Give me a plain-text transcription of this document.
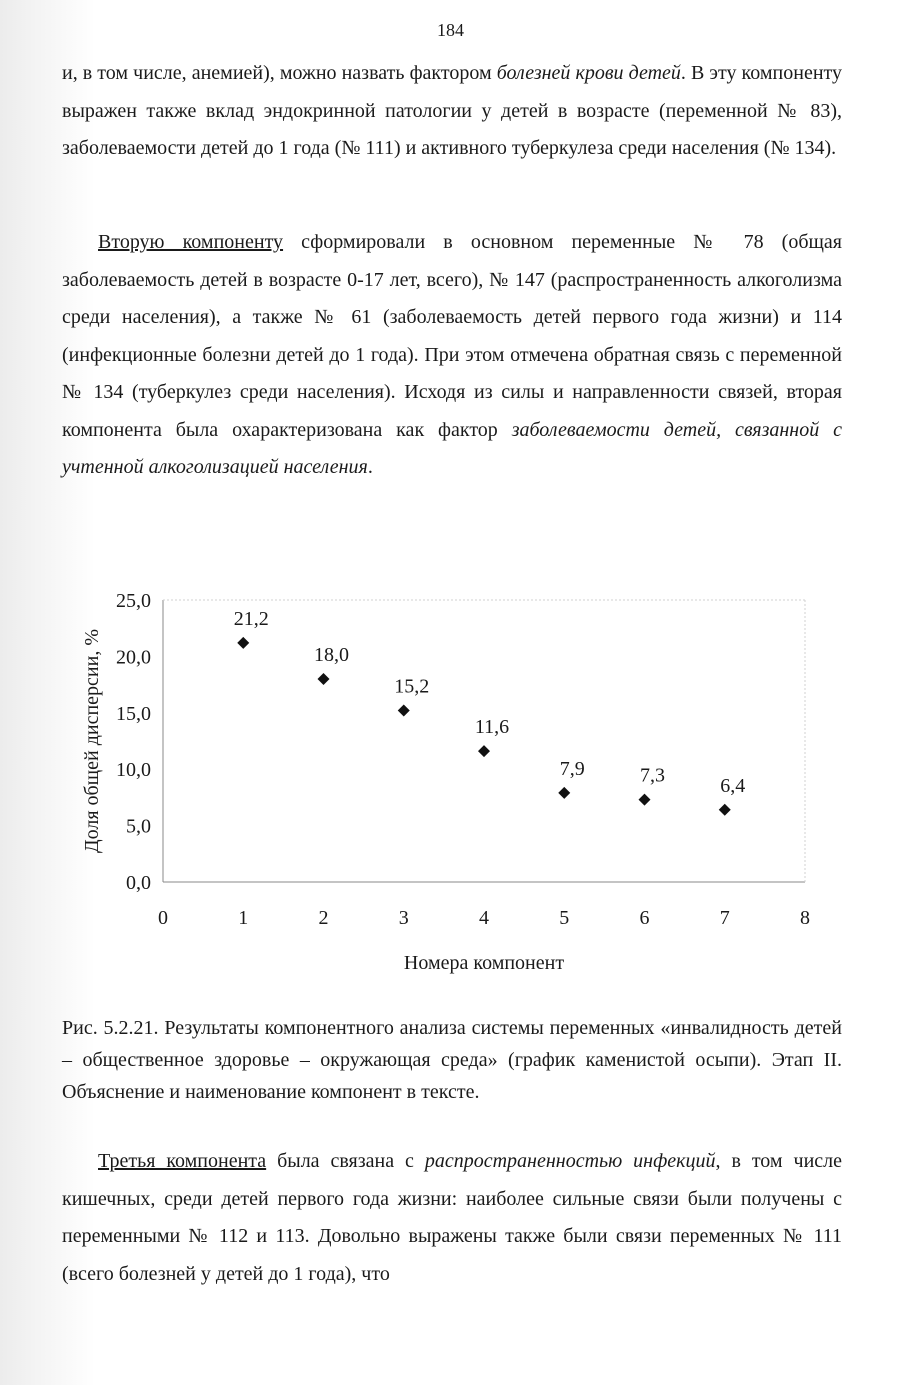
184

и, в том числе, анемией), можно назвать фактором болезней крови детей. В эту компоненту выражен также вклад эндокринной патологии у детей в возрасте (переменной № 83), заболеваемости детей до 1 года (№ 111) и активного туберкулеза среди населения (№ 134).

Вторую компоненту сформировали в основном переменные № 78 (общая заболеваемость детей в возрасте 0-17 лет, всего), № 147 (распространенность алкоголизма среди населения), а также № 61 (заболеваемость детей первого года жизни) и 114 (инфекционные болезни детей до 1 года). При этом отмечена обратная связь с переменной № 134 (туберкулез среди населения). Исходя из силы и направленности связей, вторая компонента была охарактеризована как фактор заболеваемости детей, связанной с учтенной алкоголизацией населения.

0,0
5,0
10,0
15,0
20,0
25,0
0	1	2	3	4	5	6	7	8
21,2
18,0
15,2
11,6
7,9	7,3	6,4
Доля общей дисперсии, %
Номера компонент
Рис. 5.2.21. Результаты компонентного анализа системы переменных «инвалидность детей – общественное здоровье – окружающая среда» (график каменистой осыпи). Этап II. Объяснение и наименование компонент в тексте.

Третья компонента была связана с распространенностью инфекций, в том числе кишечных, среди детей первого года жизни: наиболее сильные связи были получены с переменными № 112 и 113. Довольно выражены также были связи переменных № 111 (всего болезней у детей до 1 года), что
